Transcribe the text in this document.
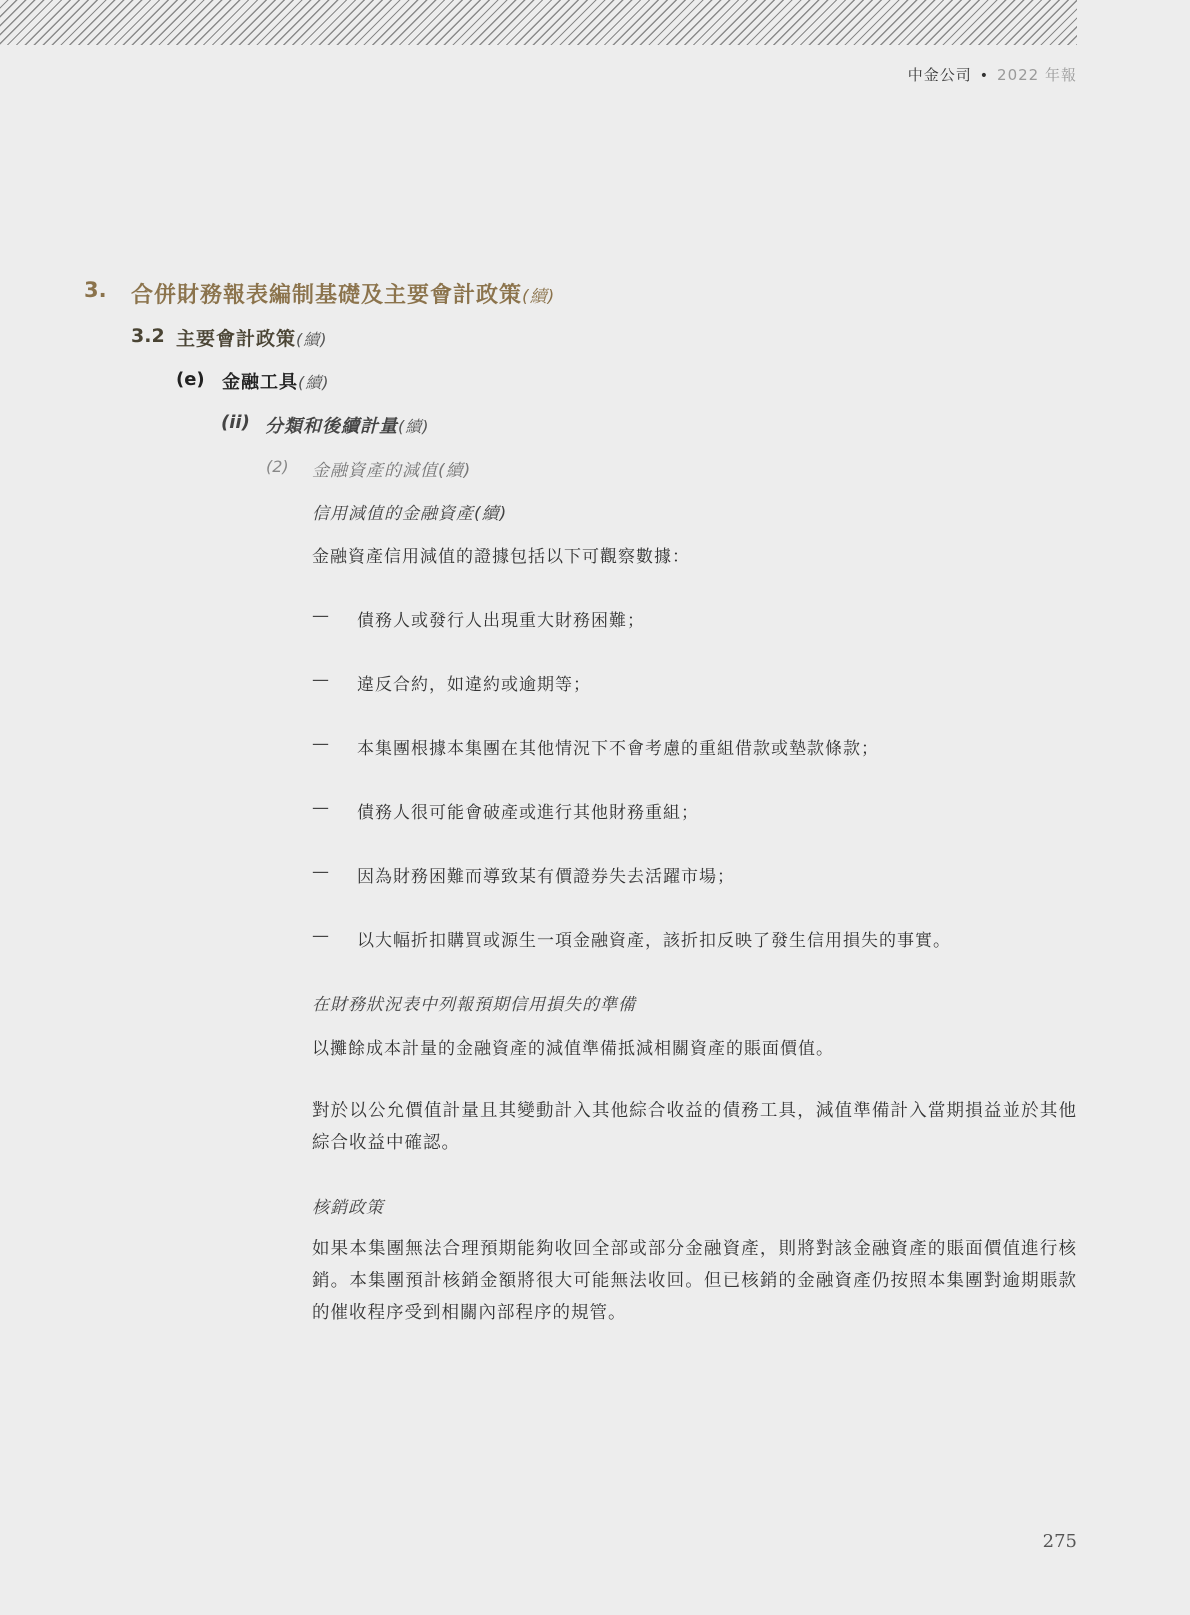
中金公司 • 2022 年報
3. 合併財務報表編制基礎及主要會計政策(續)
3.2 主要會計政策(續)
(e) 金融工具(續)
(ii) 分類和後續計量(續)
(2) 金融資產的減值(續)
信用減值的金融資產(續)
金融資產信用減值的證據包括以下可觀察數據：
— 債務人或發行人出現重大財務困難；
— 違反合約，如違約或逾期等；
— 本集團根據本集團在其他情況下不會考慮的重組借款或墊款條款；
— 債務人很可能會破產或進行其他財務重組；
— 因為財務困難而導致某有價證券失去活躍市場；
— 以大幅折扣購買或源生一項金融資產，該折扣反映了發生信用損失的事實。
在財務狀況表中列報預期信用損失的準備
以攤餘成本計量的金融資產的減值準備抵減相關資產的賬面價值。
對於以公允價值計量且其變動計入其他綜合收益的債務工具，減值準備計入當期損益並於其他綜合收益中確認。
核銷政策
如果本集團無法合理預期能夠收回全部或部分金融資產，則將對該金融資產的賬面價值進行核銷。本集團預計核銷金額將很大可能無法收回。但已核銷的金融資產仍按照本集團對逾期賬款的催收程序受到相關內部程序的規管。
275
